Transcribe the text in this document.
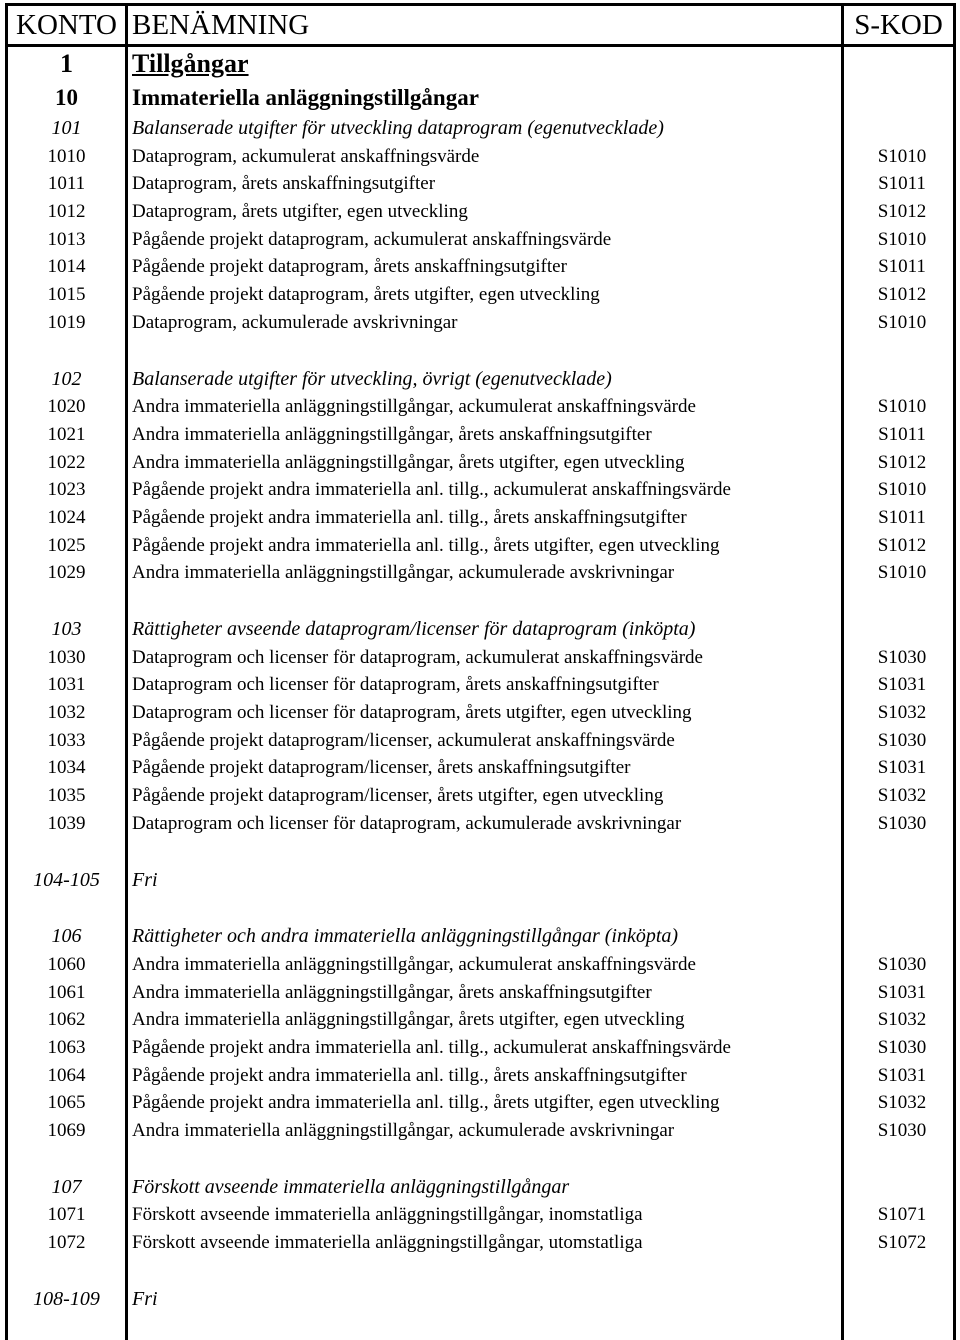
KONTO BENÄMNING	S-KOD
1	Tillgångar
10	Immateriella anläggningstillgångar
101	Balanserade utgifter för utveckling dataprogram (egenutvecklade)
1010	Dataprogram, ackumulerat anskaffningsvärde	S1010
1011	Dataprogram, årets anskaffningsutgifter	S1011
1012	Dataprogram, årets utgifter, egen utveckling	S1012
1013	Pågående projekt dataprogram, ackumulerat anskaffningsvärde	S1010
1014	Pågående projekt dataprogram, årets anskaffningsutgifter	S1011
1015	Pågående projekt dataprogram, årets utgifter, egen utveckling	S1012
1019	Dataprogram, ackumulerade avskrivningar	S1010
102	Balanserade utgifter för utveckling, övrigt (egenutvecklade)
1020	Andra immateriella anläggningstillgångar, ackumulerat anskaffningsvärde	S1010
1021	Andra immateriella anläggningstillgångar, årets anskaffningsutgifter	S1011
1022	Andra immateriella anläggningstillgångar, årets utgifter, egen utveckling	S1012
1023	Pågående projekt andra immateriella anl. tillg., ackumulerat anskaffningsvärde	S1010
1024	Pågående projekt andra immateriella anl. tillg., årets anskaffningsutgifter	S1011
1025	Pågående projekt andra immateriella anl. tillg., årets utgifter, egen utveckling	S1012
1029	Andra immateriella anläggningstillgångar, ackumulerade avskrivningar	S1010
103	Rättigheter avseende dataprogram/licenser för dataprogram (inköpta)
1030	Dataprogram och licenser för dataprogram, ackumulerat anskaffningsvärde	S1030
1031	Dataprogram och licenser för dataprogram, årets anskaffningsutgifter	S1031
1032	Dataprogram och licenser för dataprogram, årets utgifter, egen utveckling	S1032
1033	Pågående projekt dataprogram/licenser, ackumulerat anskaffningsvärde	S1030
1034	Pågående projekt dataprogram/licenser, årets anskaffningsutgifter	S1031
1035	Pågående projekt dataprogram/licenser, årets utgifter, egen utveckling	S1032
1039	Dataprogram och licenser för dataprogram, ackumulerade avskrivningar	S1030
104-105	Fri
106	Rättigheter och andra immateriella anläggningstillgångar (inköpta)
1060	Andra immateriella anläggningstillgångar, ackumulerat anskaffningsvärde	S1030
1061	Andra immateriella anläggningstillgångar, årets anskaffningsutgifter	S1031
1062	Andra immateriella anläggningstillgångar, årets utgifter, egen utveckling	S1032
1063	Pågående projekt andra immateriella anl. tillg., ackumulerat anskaffningsvärde	S1030
1064	Pågående projekt andra immateriella anl. tillg., årets anskaffningsutgifter	S1031
1065	Pågående projekt andra immateriella anl. tillg., årets utgifter, egen utveckling	S1032
1069	Andra immateriella anläggningstillgångar, ackumulerade avskrivningar	S1030
107	Förskott avseende immateriella anläggningstillgångar
1071	Förskott avseende immateriella anläggningstillgångar, inomstatliga	S1071
1072	Förskott avseende immateriella anläggningstillgångar, utomstatliga	S1072
108-109	Fri
